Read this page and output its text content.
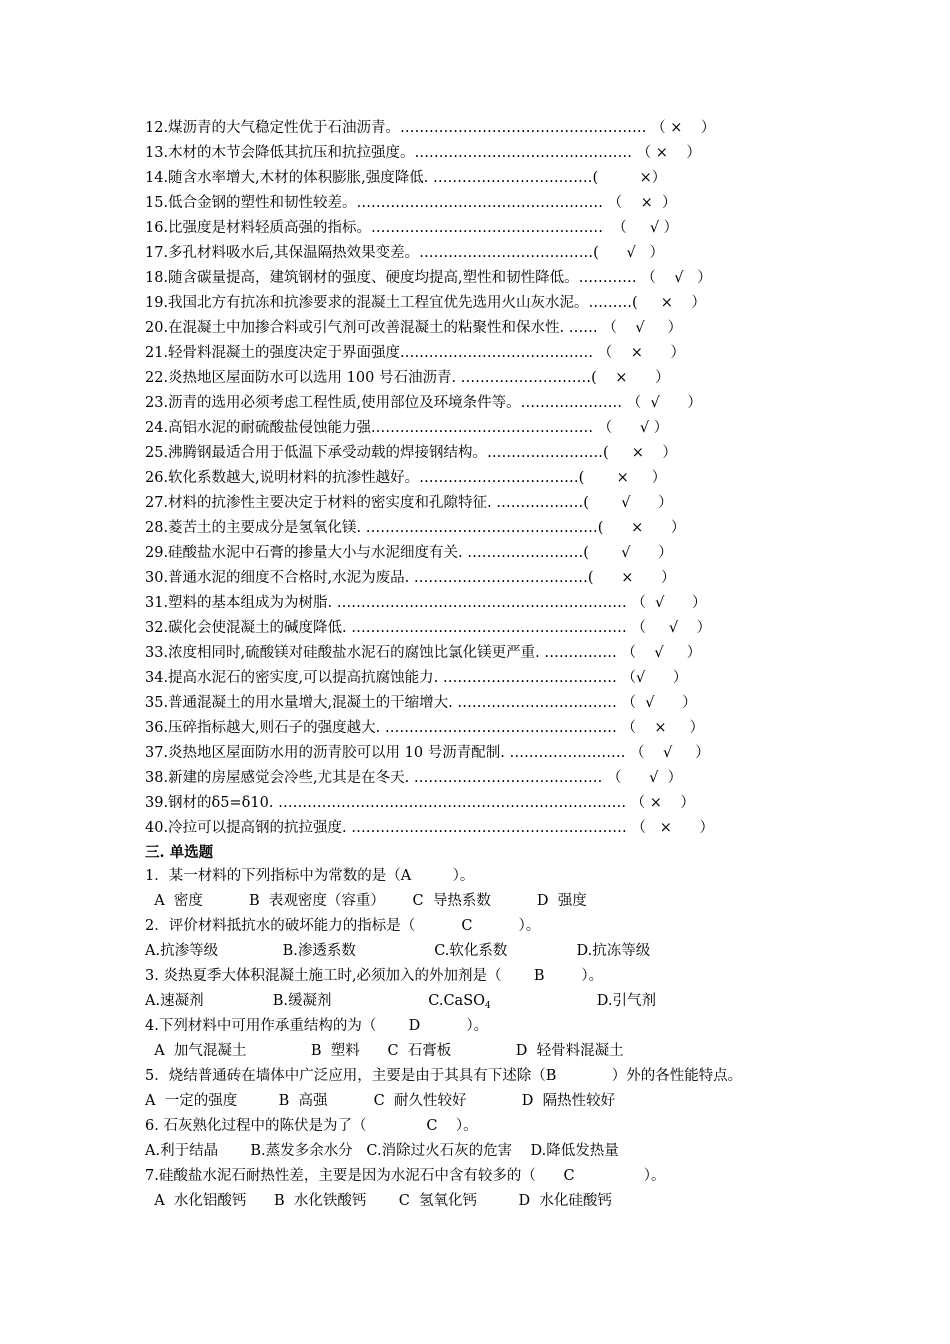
12.煤沥青的大气稳定性优于石油沥青。…………………………………………… （ ×    ）
13.木材的木节会降低其抗压和抗拉强度。……………………………………… （ ×    ）
14.随含水率增大,木材的体积膨胀,强度降低. ……………………………(         ×）
15.低合金钢的塑性和韧性较差。…………………………………………… （    ×  ）
16.比强度是材料轻质高强的指标。…………………………………………  （     √ ）
17.多孔材料吸水后,其保温隔热效果变差。………………………………(      √   ）
18.随含碳量提高，建筑钢材的强度、硬度均提高,塑性和韧性降低。………… （    √   ）
19.我国北方有抗冻和抗渗要求的混凝土工程宜优先选用火山灰水泥。………(     ×    ）
20.在混凝土中加掺合料或引气剂可改善混凝土的粘聚性和保水性. …… （    √     ）
21.轻骨料混凝土的强度决定于界面强度.………………………………… （    ×      ）
22.炎热地区屋面防水可以选用 100 号石油沥青. ………………………(    ×      ）
23.沥青的选用必须考虑工程性质,使用部位及环境条件等。………………… （  √      ）
24.高铝水泥的耐硫酸盐侵蚀能力强.……………………………………… （      √ ）
25.沸腾钢最适合用于低温下承受动载的焊接钢结构。……………………(     ×    ）
26.软化系数越大,说明材料的抗渗性越好。……………………………(       ×     ）
27.材料的抗渗性主要决定于材料的密实度和孔隙特征. ………………(       √      ）
28.菱苦土的主要成分是氢氧化镁. …………………………………………(      ×      ）
29.硅酸盐水泥中石膏的掺量大小与水泥细度有关. ……………………(       √      ）
30.普通水泥的细度不合格时,水泥为废品. ………………………………(      ×      ）
31.塑料的基本组成为为树脂. …………………………………………………… （  √      ）
32.碳化会使混凝土的碱度降低. ………………………………………………… （     √    ）
33.浓度相同时,硫酸镁对硅酸盐水泥石的腐蚀比氯化镁更严重. …………… （    √     ）
34.提高水泥石的密实度,可以提高抗腐蚀能力. ……………………………… （√      ）
35.普通混凝土的用水量增大,混凝土的干缩增大. …………………………… （  √      ）
36.压碎指标越大,则石子的强度越大. ………………………………………… （    ×     ）
37.炎热地区屋面防水用的沥青胶可以用 10 号沥青配制. …………………… （    √     ）
38.新建的房屋感觉会冷些,尤其是在冬天. ………………………………… （      √  ）
39.钢材的δ5=δ10. ……………………………………………………………… （ ×    ）
40.冷拉可以提高钢的抗拉强度. ………………………………………………… （   ×      ）
三. 单选题
1．某一材料的下列指标中为常数的是（A         ）。
A  密度          B  表观密度（容重）      C  导热系数          D  强度
2．评价材料抵抗水的破坏能力的指标是（          C          ）。
A.抗渗等级              B.渗透系数                 C.软化系数               D.抗冻等级
3. 炎热夏季大体积混凝土施工时,必须加入的外加剂是（       B        ）。
A.速凝剂               B.缓凝剂                     C.CaSO$_4$                       D.引气剂
4.下列材料中可用作承重结构的为（       D          ）。
A  加气混凝土              B  塑料      C  石膏板              D  轻骨料混凝土
5．烧结普通砖在墙体中广泛应用，主要是由于其具有下述除（B            ）外的各性能特点。
A  一定的强度         B  高强          C  耐久性较好            D  隔热性较好
6. 石灰熟化过程中的陈伏是为了（             C    ）。
A.利于结晶       B.蒸发多余水分   C.消除过火石灰的危害    D.降低发热量
7.硅酸盐水泥石耐热性差，主要是因为水泥石中含有较多的（      C               ）。
A  水化铝酸钙      B  水化铁酸钙       C  氢氧化钙         D  水化硅酸钙
